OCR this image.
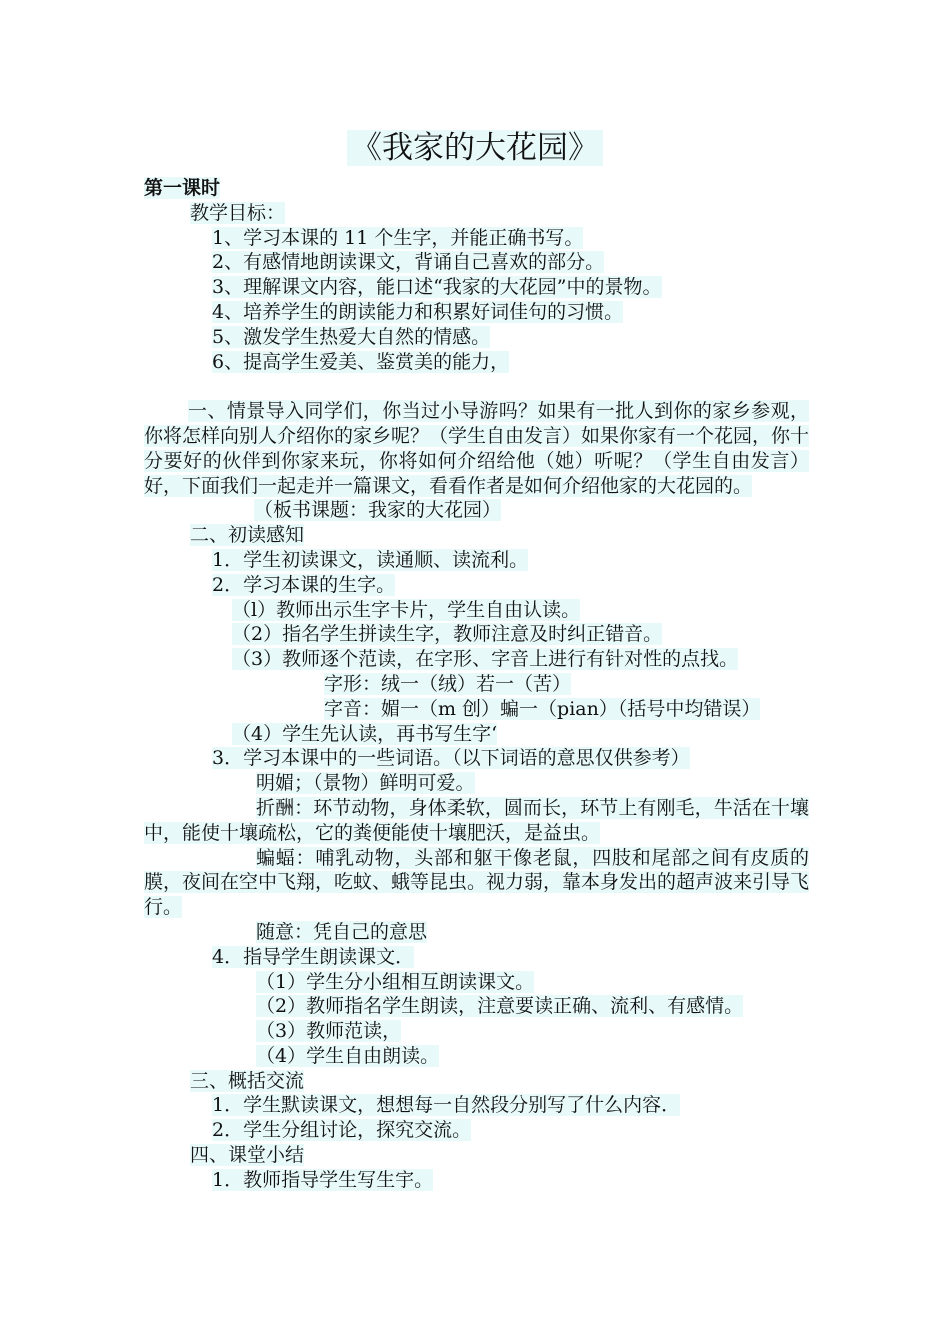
《我家的大花园》
第一课时
教学目标：
1、学习本课的 11 个生字，并能正确书写。
2、有感情地朗读课文，背诵自己喜欢的部分。
3、理解课文内容，能口述“我家的大花园”中的景物。
4、培养学生的朗读能力和积累好词佳句的习惯。
5、激发学生热爱大自然的情感。
6、提高学生爱美、鉴赏美的能力，
一、情景导入同学们，你当过小导游吗？如果有一批人到你的家乡参观，你将怎样向别人介绍你的家乡呢？（学生自由发言）如果你家有一个花园，你十分要好的伙伴到你家来玩，你将如何介绍给他（她）听呢？（学生自由发言）好，下面我们一起走并一篇课文，看看作者是如何介绍他家的大花园的。
（板书课题：我家的大花园）
二、初读感知
1．学生初读课文，读通顺、读流利。
2．学习本课的生字。
（l）教师出示生字卡片，学生自由认读。
（2）指名学生拼读生字，教师注意及时纠正错音。
（3）教师逐个范读，在字形、字音上进行有针对性的点找。
字形：绒一（绒）若一（苦）
字音：媚一（m 创）蝙一（pian）（括号中均错误）
（4）学生先认读，再书写生字‘
3．学习本课中的一些词语。（以下词语的意思仅供参考）
明媚；（景物）鲜明可爱。
折酬：环节动物，身体柔软，圆而长，环节上有刚毛，牛活在十壤中，能使十壤疏松，它的粪便能使十壤肥沃，是益虫。
蝙蝠：哺乳动物，头部和躯干像老鼠，四肢和尾部之间有皮质的膜，夜间在空中飞翔，吃蚊、蛾等昆虫。视力弱，靠本身发出的超声波来引导飞行。
随意：凭自己的意思
4．指导学生朗读课文．
（1）学生分小组相互朗读课文。
（2）教师指名学生朗读，注意要读正确、流利、有感情。
（3）教师范读，
（4）学生自由朗读。
三、概括交流
1．学生默读课文，想想每一自然段分别写了什么内容．
2．学生分组讨论，探究交流。
四、课堂小结
1．教师指导学生写生宇。
